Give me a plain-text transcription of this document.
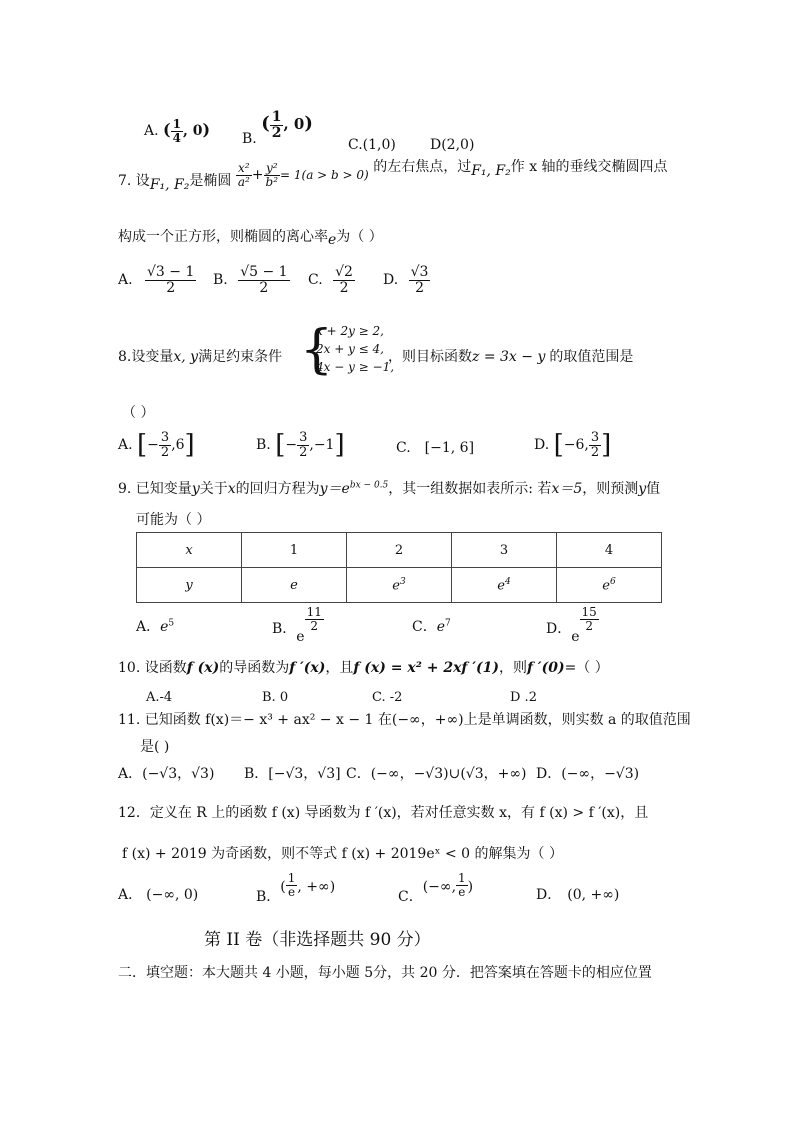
A. ( $\frac{1}{4}$ , 0)
B. ( $\frac{1}{2}$ , 0)
C.(1,0) D(2,0)
7. 设F₁, F₂是椭圆 $\frac{\text{x²}}{\text{a²}} + \frac{\text{y²}}{\text{b²}} = 1(a > b > 0)$ 的左右焦点，过F₁, F₂作 x 轴的垂线交椭圆四点
构成一个正方形，则椭圆的离心率e为（ ）
A. $\frac{√3 - 1}{2} B$. $\frac{√5 - 1}{2} C$. $\frac{√2}{2} D$. $\frac{√3}{2}$
8.设变量x, y满足约束条件 {
x + 2y ≥ 2,
2x + y ≤ 4,
4x − y ≥ −1,
，则目标函数z = 3x − y 的取值范围是
（ ）
A. [− $\frac{3}{2} ,6$]	B. [− $\frac{3}{2} ,-1$]	C. [−1, 6]	D. [−6, $\frac{3}{2}$ ]
9. 已知变量y关于x的回归方程为$y=e^{bx - 0.5}$，其一组数据如表所示: 若x＝5，则预测y值
可能为（ ）
x	1	2	3	4
y	e	$e^3$	$e^4$	$e^6$
A．$e^5$	B．e
$\frac{11}{2}$	C．$e^7$	D．e
$\frac{15}{2}$
10. 设函数f (x)的导函数为f ′(x)，且f (x) = x² + 2xf ′(1)，则f ′(0)=（ ）
A.-4	B. 0	C. -2	D .2
11. 已知函数 f(x)＝− x³ + ax² − x − 1 在(−∞，+∞)上是单调函数，则实数 a 的取值范围
是( )
A．(−√3，√3) B．[−√3，√3] C．(−∞，−√3)∪(√3，+∞) D．(−∞，−√3)
12．定义在 R 上的函数 f (x) 导函数为 f ′(x)，若对任意实数 x，有 f (x) > f ′(x)，且
f (x) + 2019 为奇函数，则不等式 f (x) + 2019eˣ < 0 的解集为（ ）
A． (−∞, 0)	B．( $\frac{1}{e}$ , +∞)
C．(−∞, $\frac{1}{e}$ )	D． (0, +∞)
第 II 卷（非选择题共 90 分）
二．填空题：本大题共 4 小题，每小题 5分，共 20 分．把答案填在答题卡的相应位置
